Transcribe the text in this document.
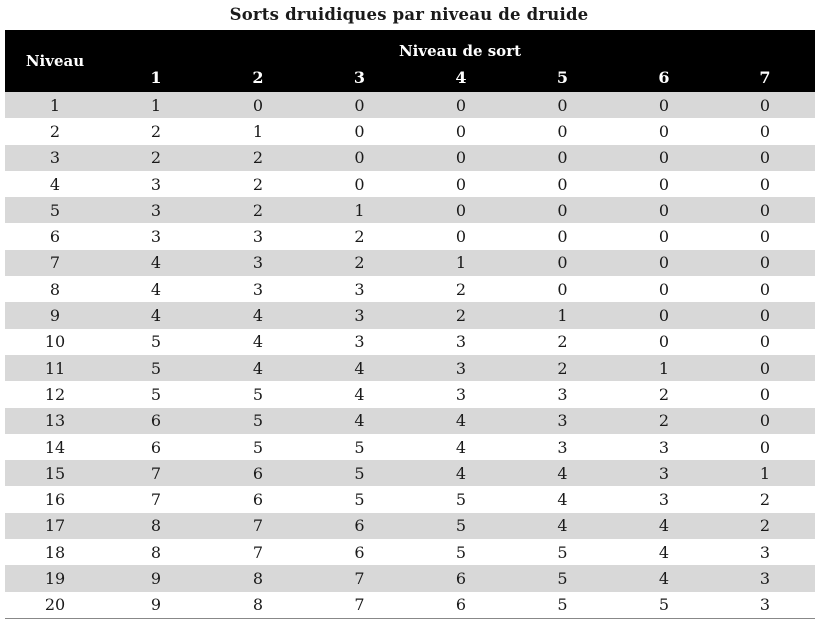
Sorts druidiques par niveau de druide
Niveau	Niveau de sort						
	1	2	3	4	5	6	7
1	1	0	0	0	0	0	0
2	2	1	0	0	0	0	0
3	2	2	0	0	0	0	0
4	3	2	0	0	0	0	0
5	3	2	1	0	0	0	0
6	3	3	2	0	0	0	0
7	4	3	2	1	0	0	0
8	4	3	3	2	0	0	0
9	4	4	3	2	1	0	0
10	5	4	3	3	2	0	0
11	5	4	4	3	2	1	0
12	5	5	4	3	3	2	0
13	6	5	4	4	3	2	0
14	6	5	5	4	3	3	0
15	7	6	5	4	4	3	1
16	7	6	5	5	4	3	2
17	8	7	6	5	4	4	2
18	8	7	6	5	5	4	3
19	9	8	7	6	5	4	3
20	9	8	7	6	5	5	3
